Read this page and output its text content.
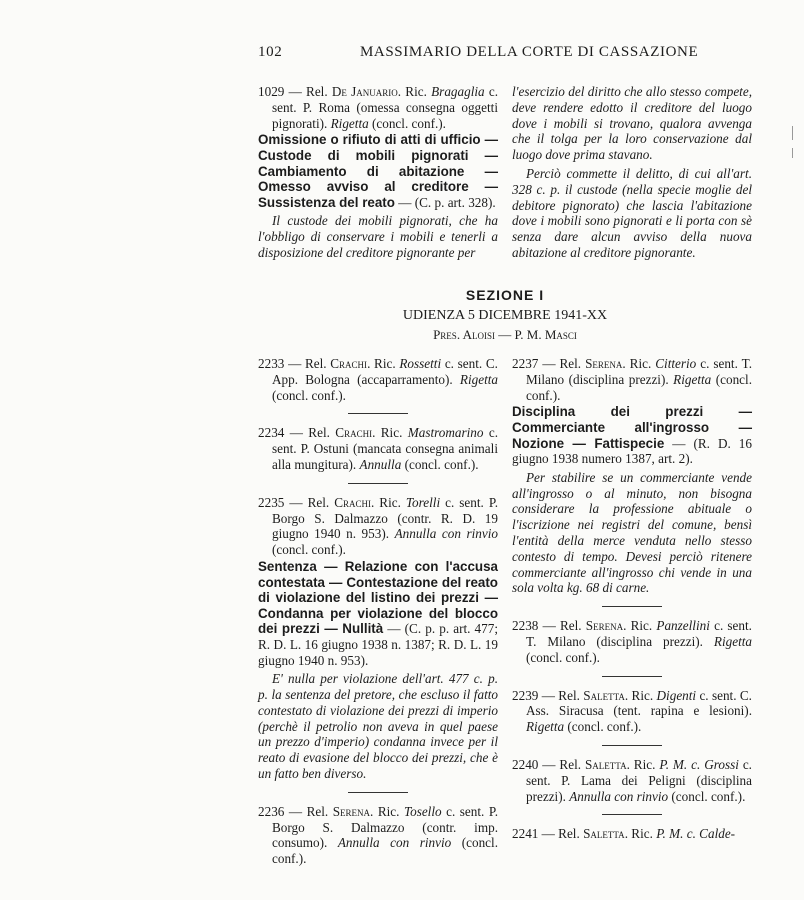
102	MASSIMARIO DELLA CORTE DI CASSAZIONE

1029 — Rel. De Januario. Ric. Bragaglia c. sent. P. Roma (omessa consegna oggetti pignorati). Rigetta (concl. conf.).

Omissione o rifiuto di atti di ufficio — Custode di mobili pignorati — Cambiamento di abitazione — Omesso avviso al creditore — Sussistenza del reato — (C. p. art. 328).

Il custode dei mobili pignorati, che ha l'obbligo di conservare i mobili e tenerli a disposizione del creditore pignorante per

l'esercizio del diritto che allo stesso compete, deve rendere edotto il creditore del luogo dove i mobili si trovano, qualora avvenga che il tolga per la loro conservazione dal luogo dove prima stavano.

Perciò commette il delitto, di cui all'art. 328 c. p. il custode (nella specie moglie del debitore pignorato) che lascia l'abitazione dove i mobili sono pignorati e li porta con sè senza dare alcun avviso della nuova abitazione al creditore pignorante.

SEZIONE I
UDIENZA 5 DICEMBRE 1941-XX
Pres. Aloisi — P. M. Masci

2233 — Rel. Crachi. Ric. Rossetti c. sent. C. App. Bologna (accaparramento). Rigetta (concl. conf.).

2234 — Rel. Crachi. Ric. Mastromarino c. sent. P. Ostuni (mancata consegna animali alla mungitura). Annulla (concl. conf.).

2235 — Rel. Crachi. Ric. Torelli c. sent. P. Borgo S. Dalmazzo (contr. R. D. 19 giugno 1940 n. 953). Annulla con rinvio (concl. conf.).

Sentenza — Relazione con l'accusa contestata — Contestazione del reato di violazione del listino dei prezzi — Condanna per violazione del blocco dei prezzi — Nullità — (C. p. p. art. 477; R. D. L. 16 giugno 1938 n. 1387; R. D. L. 19 giugno 1940 n. 953).

E' nulla per violazione dell'art. 477 c. p. p. la sentenza del pretore, che escluso il fatto contestato di violazione dei prezzi di imperio (perchè il petrolio non aveva in quel paese un prezzo d'imperio) condanna invece per il reato di evasione del blocco dei prezzi, che è un fatto ben diverso.

2236 — Rel. Serena. Ric. Tosello c. sent. P. Borgo S. Dalmazzo (contr. imp. consumo). Annulla con rinvio (concl. conf.).

2237 — Rel. Serena. Ric. Citterio c. sent. T. Milano (disciplina prezzi). Rigetta (concl. conf.).

Disciplina dei prezzi — Commerciante all'ingrosso — Nozione — Fattispecie — (R. D. 16 giugno 1938 numero 1387, art. 2).

Per stabilire se un commerciante vende all'ingrosso o al minuto, non bisogna considerare la professione abituale o l'iscrizione nei registri del comune, bensì l'entità della merce venduta nello stesso contesto di tempo. Devesi perciò ritenere commerciante all'ingrosso chi vende in una sola volta kg. 68 di carne.

2238 — Rel. Serena. Ric. Panzellini c. sent. T. Milano (disciplina prezzi). Rigetta (concl. conf.).

2239 — Rel. Saletta. Ric. Digenti c. sent. C. Ass. Siracusa (tent. rapina e lesioni). Rigetta (concl. conf.).

2240 — Rel. Saletta. Ric. P. M. c. Grossi c. sent. P. Lama dei Peligni (disciplina prezzi). Annulla con rinvio (concl. conf.).

2241 — Rel. Saletta. Ric. P. M. c. Calde-
